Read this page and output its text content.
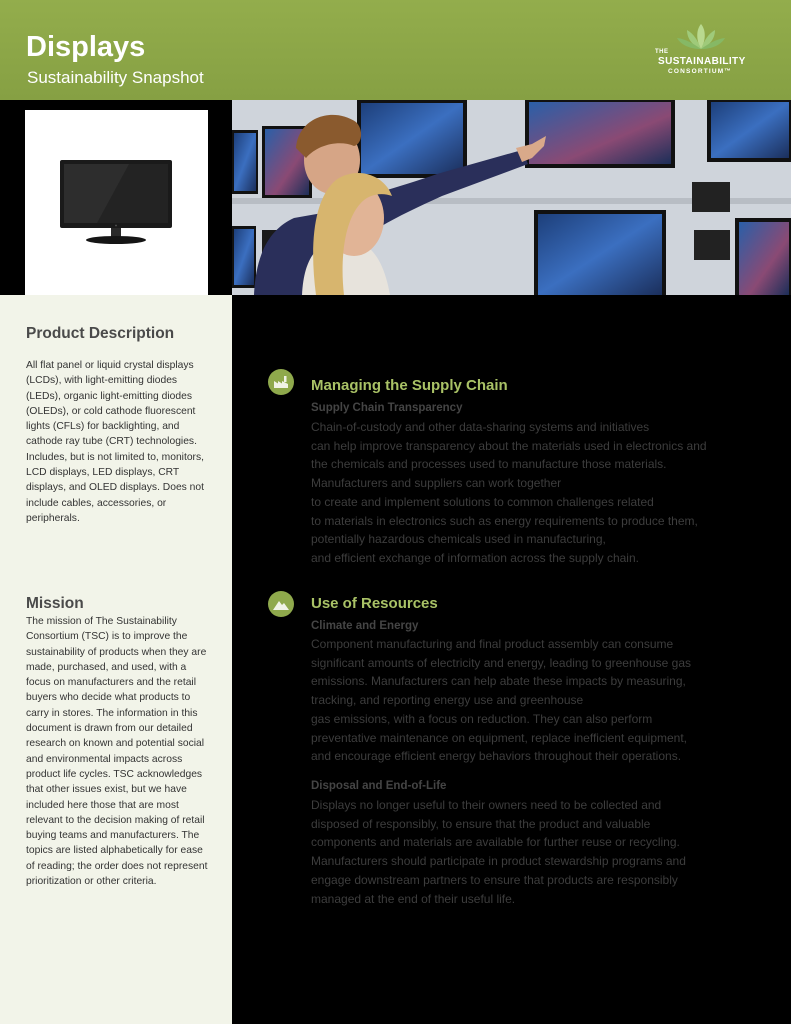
Displays
Sustainability Snapshot
THE
SUSTAINABILITY
CONSORTIUM™
Product Description

All flat panel or liquid crystal displays (LCDs), with light-emitting diodes (LEDs), organic light-emitting diodes (OLEDs), or cold cathode fluorescent lights (CFLs) for backlighting, and cathode ray tube (CRT) technologies. Includes, but is not limited to, monitors, LCD displays, LED displays, CRT displays, and OLED displays. Does not include cables, accessories, or peripherals.

Mission

The mission of The Sustainability Consortium (TSC) is to improve the sustainability of products when they are made, purchased, and used, with a focus on manufacturers and the retail buyers who decide what products to carry in stores. The information in this document is drawn from our detailed research on known and potential social and environmental impacts across product life cycles. TSC acknowledges that other issues exist, but we have included here those that are most relevant to the decision making of retail buying teams and manufacturers. The topics are listed alphabetically for ease of reading; the order does not represent prioritization or other criteria.

Managing the Supply Chain
Supply Chain Transparency
Chain-of-custody and other data-sharing systems and initiatives
can help improve transparency about the materials used in electronics and
the chemicals and processes used to manufacture those materials.
Manufacturers and suppliers can work together
to create and implement solutions to common challenges related
to materials in electronics such as energy requirements to produce them,
potentially hazardous chemicals used in manufacturing,
and efficient exchange of information across the supply chain.
Use of Resources
Climate and Energy
Component manufacturing and final product assembly can consume
significant amounts of electricity and energy, leading to greenhouse gas
emissions. Manufacturers can help abate these impacts by measuring,
tracking, and reporting energy use and greenhouse
gas emissions, with a focus on reduction. They can also perform
preventative maintenance on equipment, replace inefficient equipment,
and encourage efficient energy behaviors throughout their operations.
Disposal and End-of-Life
Displays no longer useful to their owners need to be collected and
disposed of responsibly, to ensure that the product and valuable
components and materials are available for further reuse or recycling.
Manufacturers should participate in product stewardship programs and
engage downstream partners to ensure that products are responsibly
managed at the end of their useful life.
